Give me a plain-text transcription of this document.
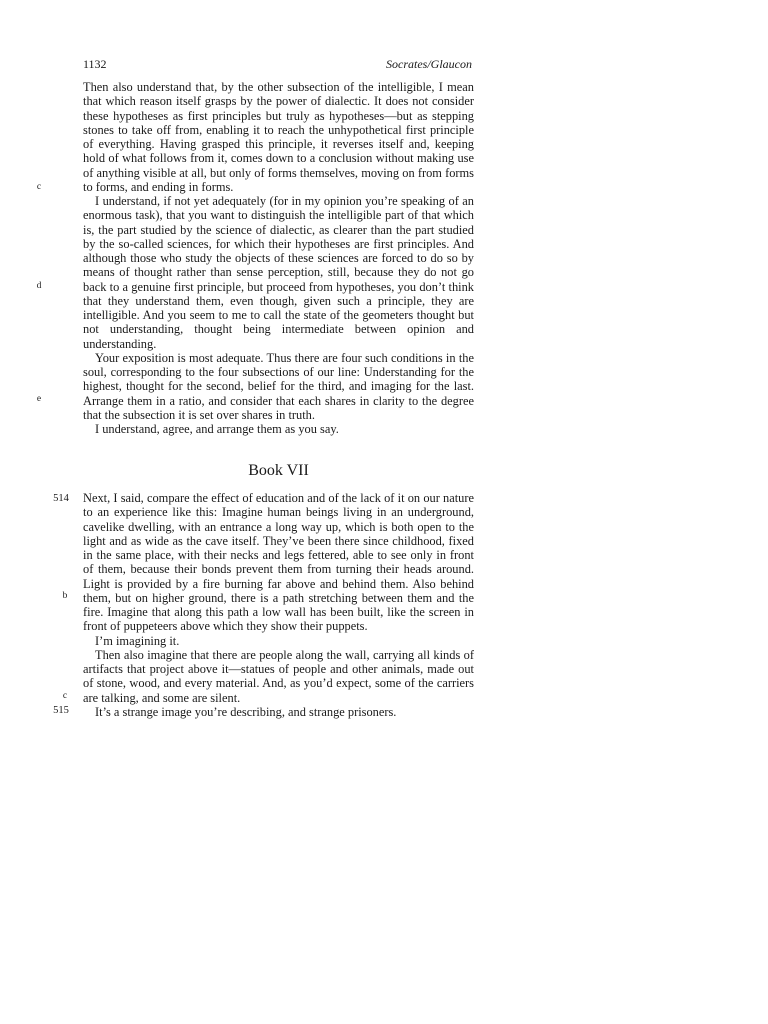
1132	Socrates/Glaucon

Then also understand that, by the other subsection of the intelligible, I mean that which reason itself grasps by the power of dialectic. It does not consider these hypotheses as first principles but truly as hypotheses—but as stepping stones to take off from, enabling it to reach the unhypothetical first principle of everything. Having grasped this principle, it reverses itself and, keeping hold of what follows from it, comes down to a conclusion without making use of anything visible at all, but only of forms themselves, moving on from forms to forms, and ending in forms.

I understand, if not yet adequately (for in my opinion you’re speaking of an enormous task), that you want to distinguish the intelligible part of that which is, the part studied by the science of dialectic, as clearer than the part studied by the so-called sciences, for which their hypotheses are first principles. And although those who study the objects of these sciences are forced to do so by means of thought rather than sense perception, still, because they do not go back to a genuine first principle, but proceed from hypotheses, you don’t think that they understand them, even though, given such a principle, they are intelligible. And you seem to me to call the state of the geometers thought but not understanding, thought being intermediate between opinion and understanding.

Your exposition is most adequate. Thus there are four such conditions in the soul, corresponding to the four subsections of our line: Understanding for the highest, thought for the second, belief for the third, and imaging for the last. Arrange them in a ratio, and consider that each shares in clarity to the degree that the subsection it is set over shares in truth.

I understand, agree, and arrange them as you say.

Book VII

Next, I said, compare the effect of education and of the lack of it on our nature to an experience like this: Imagine human beings living in an underground, cavelike dwelling, with an entrance a long way up, which is both open to the light and as wide as the cave itself. They’ve been there since childhood, fixed in the same place, with their necks and legs fettered, able to see only in front of them, because their bonds prevent them from turning their heads around. Light is provided by a fire burning far above and behind them. Also behind them, but on higher ground, there is a path stretching between them and the fire. Imagine that along this path a low wall has been built, like the screen in front of puppeteers above which they show their puppets.

I’m imagining it.

Then also imagine that there are people along the wall, carrying all kinds of artifacts that project above it—statues of people and other animals, made out of stone, wood, and every material. And, as you’d expect, some of the carriers are talking, and some are silent.

It’s a strange image you’re describing, and strange prisoners.

c
d
e
514
b
c
515
